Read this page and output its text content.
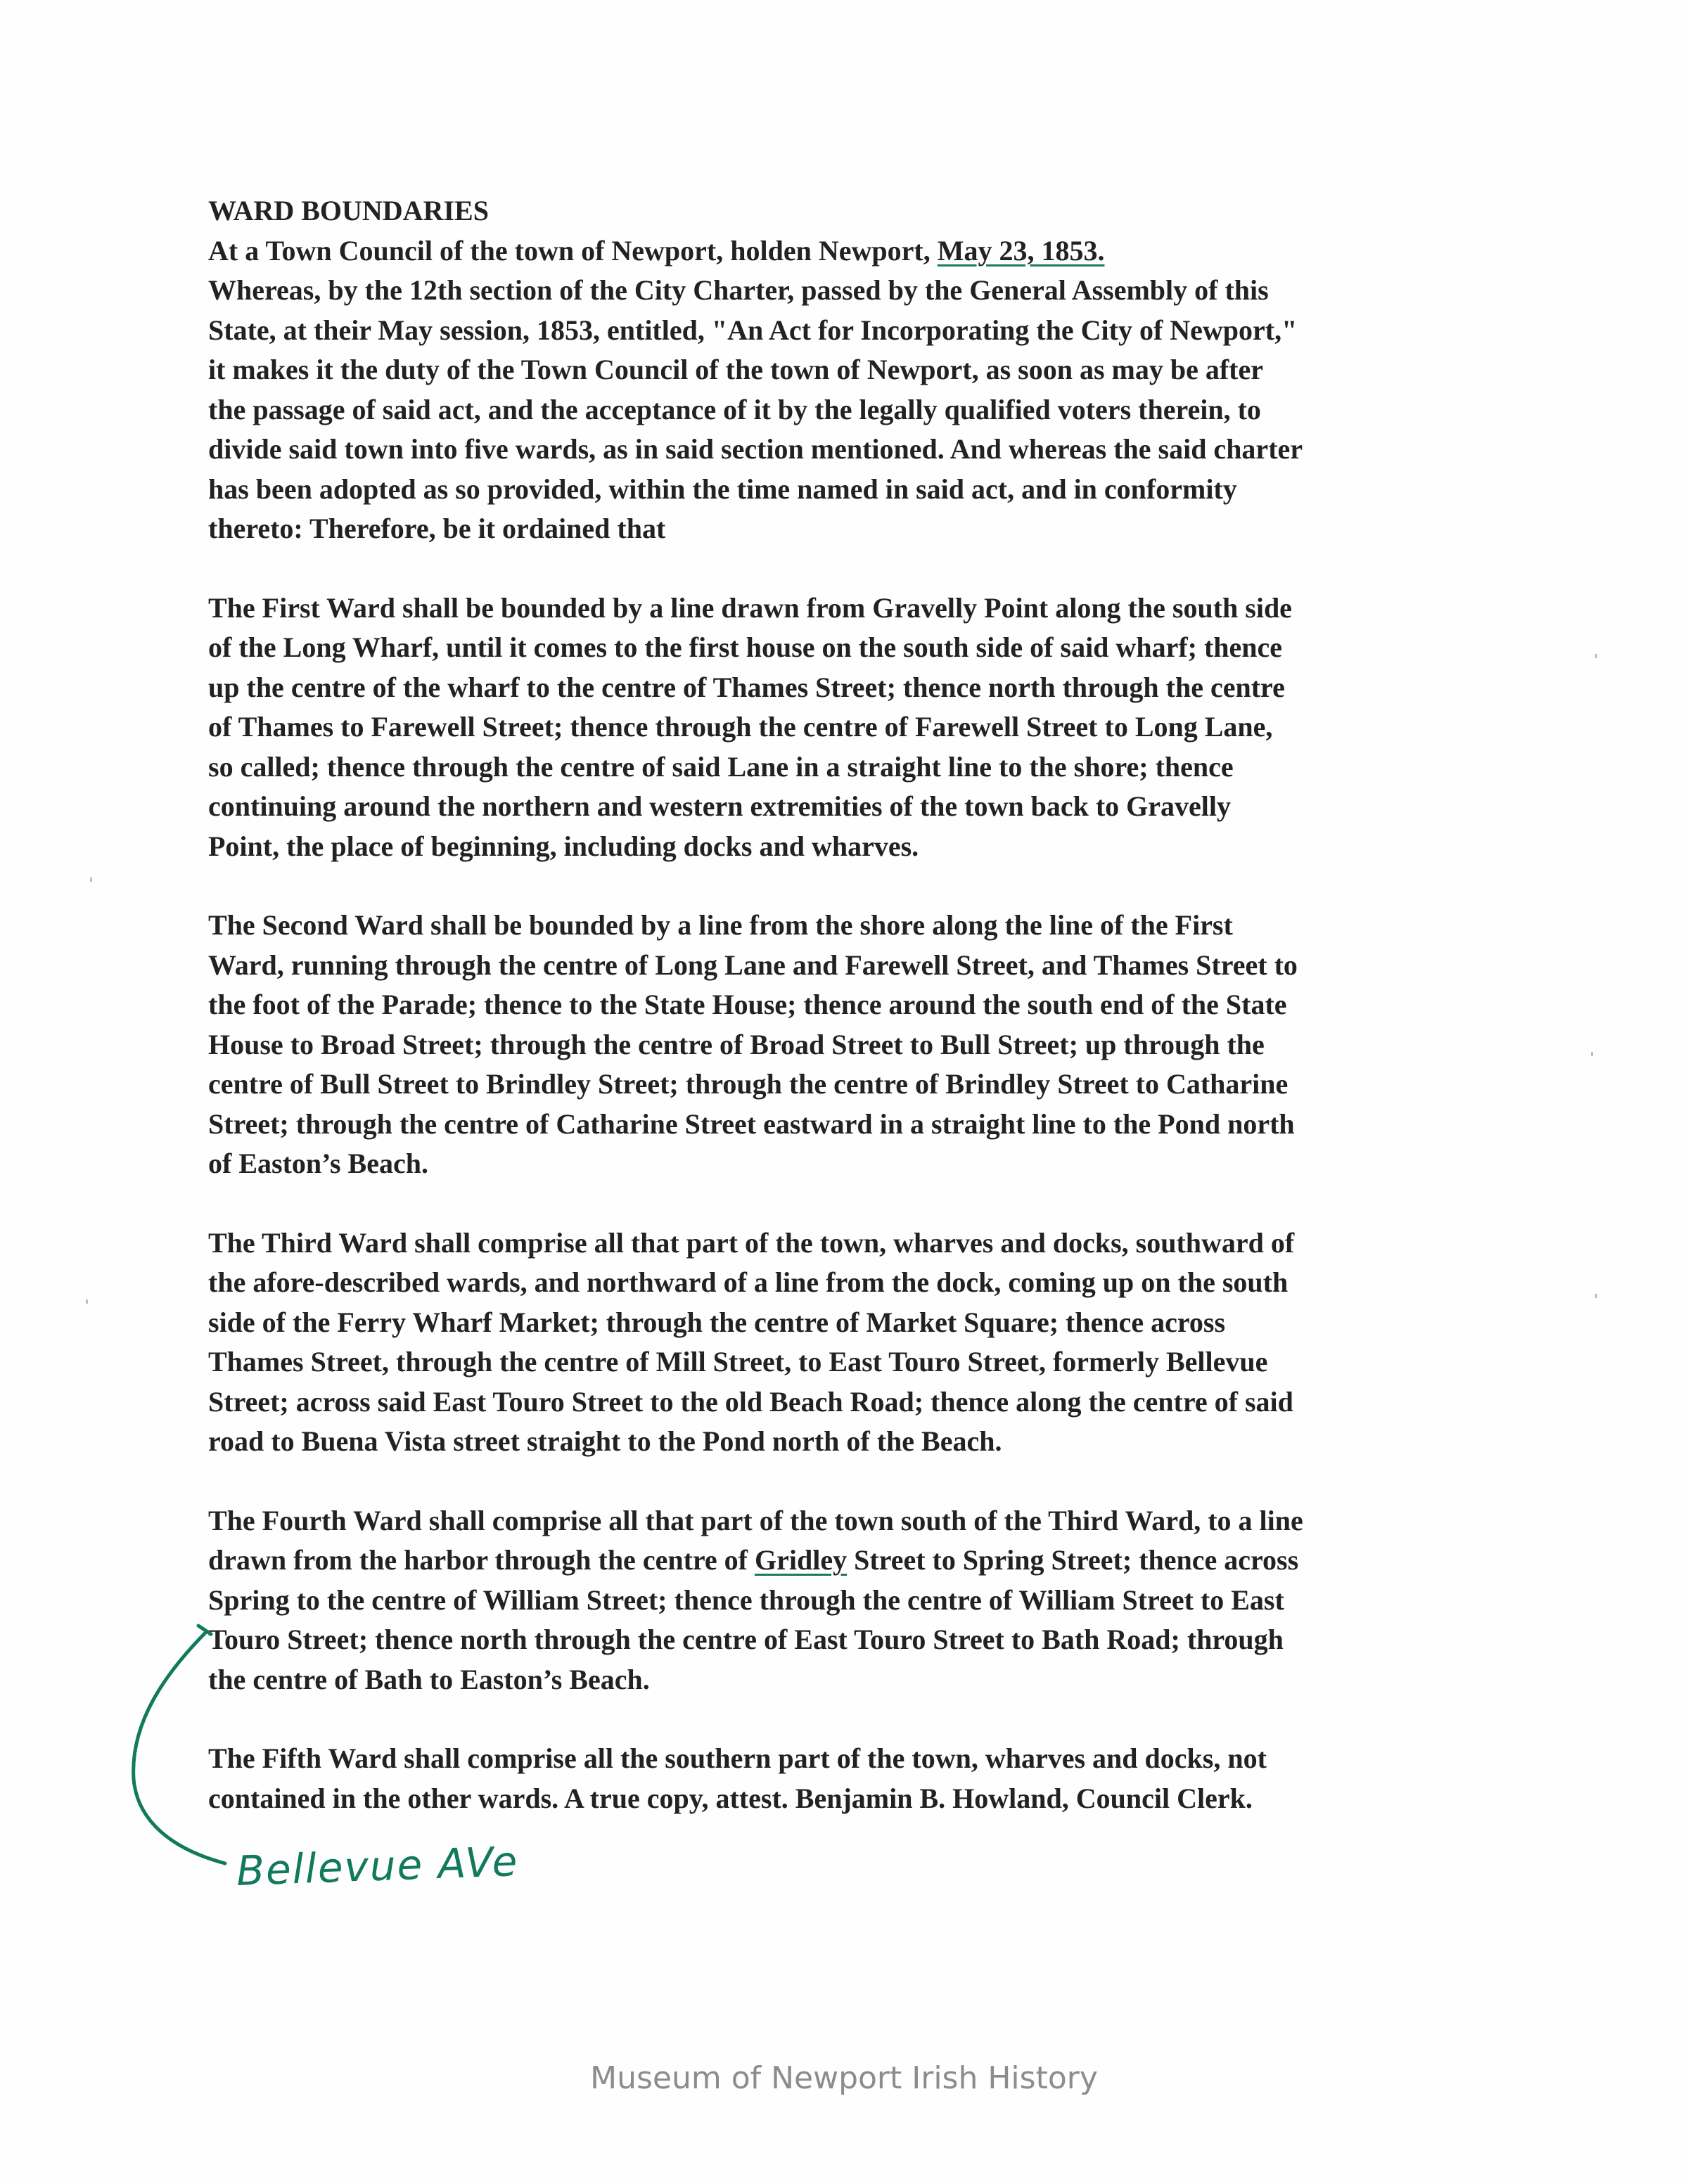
WARD BOUNDARIES

At a Town Council of the town of Newport, holden Newport, May 23, 1853.

Whereas, by the 12th section of the City Charter, passed by the General Assembly of this
State, at their May session, 1853, entitled, "An Act for Incorporating the City of Newport,"
it makes it the duty of the Town Council of the town of Newport, as soon as may be after
the passage of said act, and the acceptance of it by the legally qualified voters therein, to
divide said town into five wards, as in said section mentioned. And whereas the said charter
has been adopted as so provided, within the time named in said act, and in conformity
thereto: Therefore, be it ordained that

The First Ward shall be bounded by a line drawn from Gravelly Point along the south side
of the Long Wharf, until it comes to the first house on the south side of said wharf; thence
up the centre of the wharf to the centre of Thames Street; thence north through the centre
of Thames to Farewell Street; thence through the centre of Farewell Street to Long Lane,
so called; thence through the centre of said Lane in a straight line to the shore; thence
continuing around the northern and western extremities of the town back to Gravelly
Point, the place of beginning, including docks and wharves.

The Second Ward shall be bounded by a line from the shore along the line of the First
Ward, running through the centre of Long Lane and Farewell Street, and Thames Street to
the foot of the Parade; thence to the State House; thence around the south end of the State
House to Broad Street; through the centre of Broad Street to Bull Street; up through the
centre of Bull Street to Brindley Street; through the centre of Brindley Street to Catharine
Street; through the centre of Catharine Street eastward in a straight line to the Pond north
of Easton’s Beach.

The Third Ward shall comprise all that part of the town, wharves and docks, southward of
the afore-described wards, and northward of a line from the dock, coming up on the south
side of the Ferry Wharf Market; through the centre of Market Square; thence across
Thames Street, through the centre of Mill Street, to East Touro Street, formerly Bellevue
Street; across said East Touro Street to the old Beach Road; thence along the centre of said
road to Buena Vista street straight to the Pond north of the Beach.

The Fourth Ward shall comprise all that part of the town south of the Third Ward, to a line

drawn from the harbor through the centre of Gridley Street to Spring Street; thence across

Spring to the centre of William Street; thence through the centre of William Street to East
Touro Street; thence north through the centre of East Touro Street to Bath Road; through
the centre of Bath to Easton’s Beach.

The Fifth Ward shall comprise all the southern part of the town, wharves and docks, not
contained in the other wards. A true copy, attest. Benjamin B. Howland, Council Clerk.

Bellevue AVe
Museum of Newport Irish History
